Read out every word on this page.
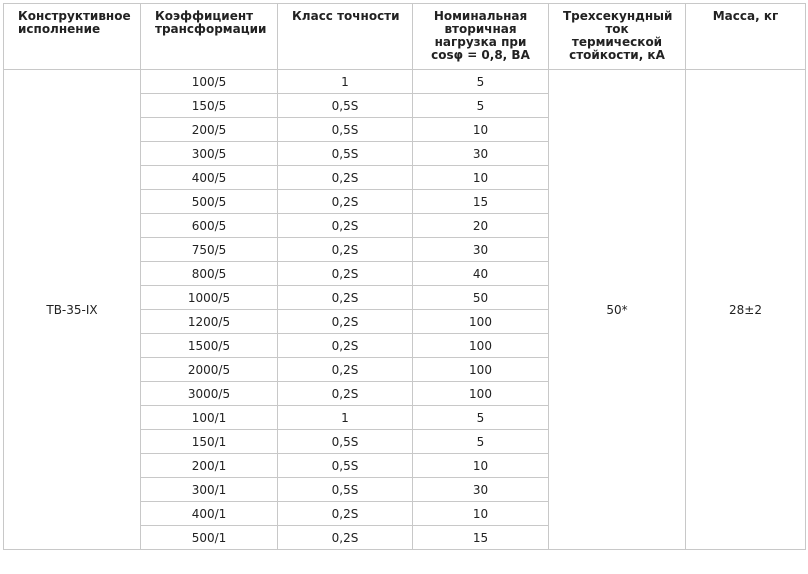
Конструктивное исполнение	Коэффициент трансформации	Класс точности	Номинальная вторичная нагрузка при cosφ = 0,8, ВА	Трехсекундный ток термической стойкости, кА	Масса, кг
ТВ-35-IX	100/5	1	5	50*	28±2
	150/5	0,5S	5		
	200/5	0,5S	10		
	300/5	0,5S	30		
	400/5	0,2S	10		
	500/5	0,2S	15		
	600/5	0,2S	20		
	750/5	0,2S	30		
	800/5	0,2S	40		
	1000/5	0,2S	50		
	1200/5	0,2S	100		
	1500/5	0,2S	100		
	2000/5	0,2S	100		
	3000/5	0,2S	100		
	100/1	1	5		
	150/1	0,5S	5		
	200/1	0,5S	10		
	300/1	0,5S	30		
	400/1	0,2S	10		
	500/1	0,2S	15		
